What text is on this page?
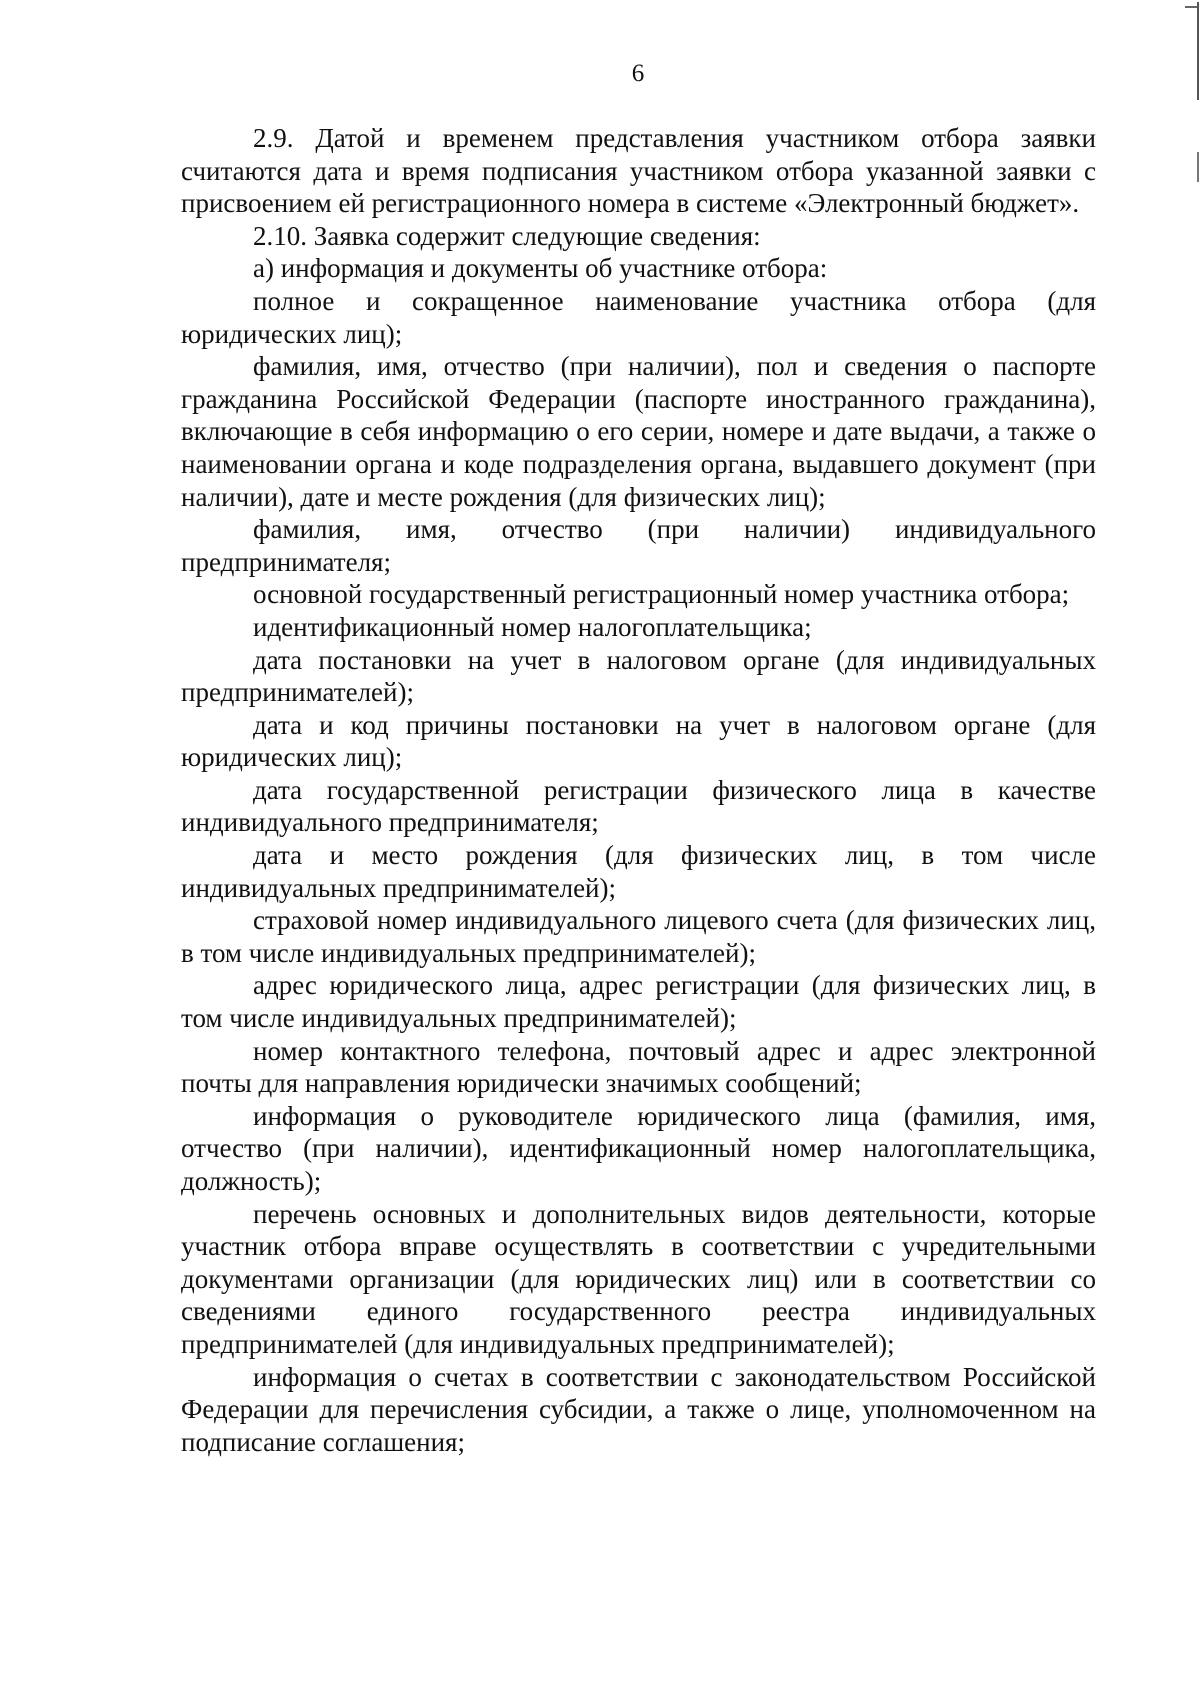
6

2.9. Датой и временем представления участником отбора заявки считаются дата и время подписания участником отбора указанной заявки с присвоением ей регистрационного номера в системе «Электронный бюджет».

2.10. Заявка содержит следующие сведения:

а) информация и документы об участнике отбора:

полное и сокращенное наименование участника отбора (для юридических лиц);

фамилия, имя, отчество (при наличии), пол и сведения о паспорте гражданина Российской Федерации (паспорте иностранного гражданина), включающие в себя информацию о его серии, номере и дате выдачи, а также о наименовании органа и коде подразделения органа, выдавшего документ (при наличии), дате и месте рождения (для физических лиц);

фамилия, имя, отчество (при наличии) индивидуального предпринимателя;

основной государственный регистрационный номер участника отбора;

идентификационный номер налогоплательщика;

дата постановки на учет в налоговом органе (для индивидуальных предпринимателей);

дата и код причины постановки на учет в налоговом органе (для юридических лиц);

дата государственной регистрации физического лица в качестве индивидуального предпринимателя;

дата и место рождения (для физических лиц, в том числе индивидуальных предпринимателей);

страховой номер индивидуального лицевого счета (для физических лиц, в том числе индивидуальных предпринимателей);

адрес юридического лица, адрес регистрации (для физических лиц, в том числе индивидуальных предпринимателей);

номер контактного телефона, почтовый адрес и адрес электронной почты для направления юридически значимых сообщений;

информация о руководителе юридического лица (фамилия, имя, отчество (при наличии), идентификационный номер налогоплательщика, должность);

перечень основных и дополнительных видов деятельности, которые участник отбора вправе осуществлять в соответствии с учредительными документами организации (для юридических лиц) или в соответствии со сведениями единого государственного реестра индивидуальных предпринимателей (для индивидуальных предпринимателей);

информация о счетах в соответствии с законодательством Российской Федерации для перечисления субсидии, а также о лице, уполномоченном на подписание соглашения;
